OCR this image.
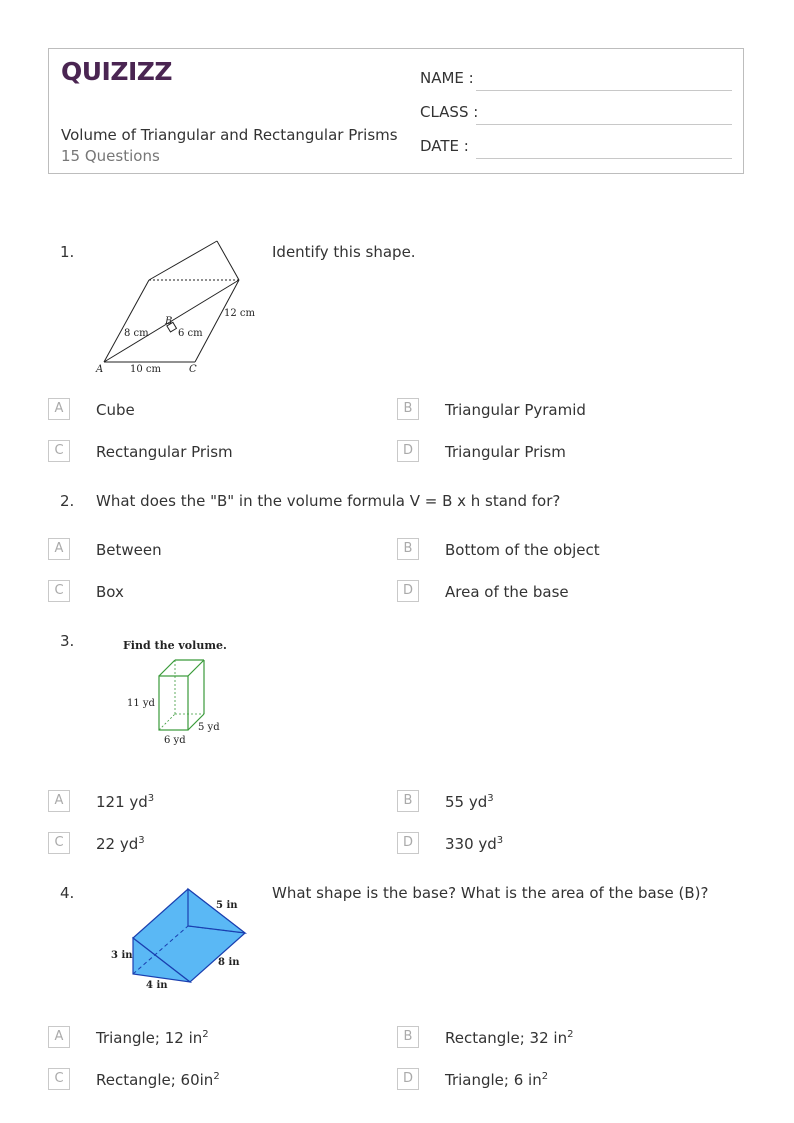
QUIZIZZ
Volume of Triangular and Rectangular Prisms
15 Questions
NAME :
CLASS :
DATE :
1.
8 cm
B
6 cm
12 cm
A	10 cm	C
Identify this shape.
A	Cube	B	Triangular Pyramid
C	Rectangular Prism	D	Triangular Prism
2. What does the "B" in the volume formula V = B x h stand for?
A	Between	B	Bottom of the object
C	Box	D	Area of the base
3.	Find the volume.
11 yd
5 yd
6 yd
A	121 $yd^3$	B	55 $yd^3$
C	22 $yd^3$	D	330 $yd^3$
4.
5 in
3 in
8 in
4 in
What shape is the base? What is the area of the base (B)?
A	Triangle; 12 $in^2$	B	Rectangle; 32 $in^2$
C	Rectangle; $60in^2$	D	Triangle; 6 $in^2$
